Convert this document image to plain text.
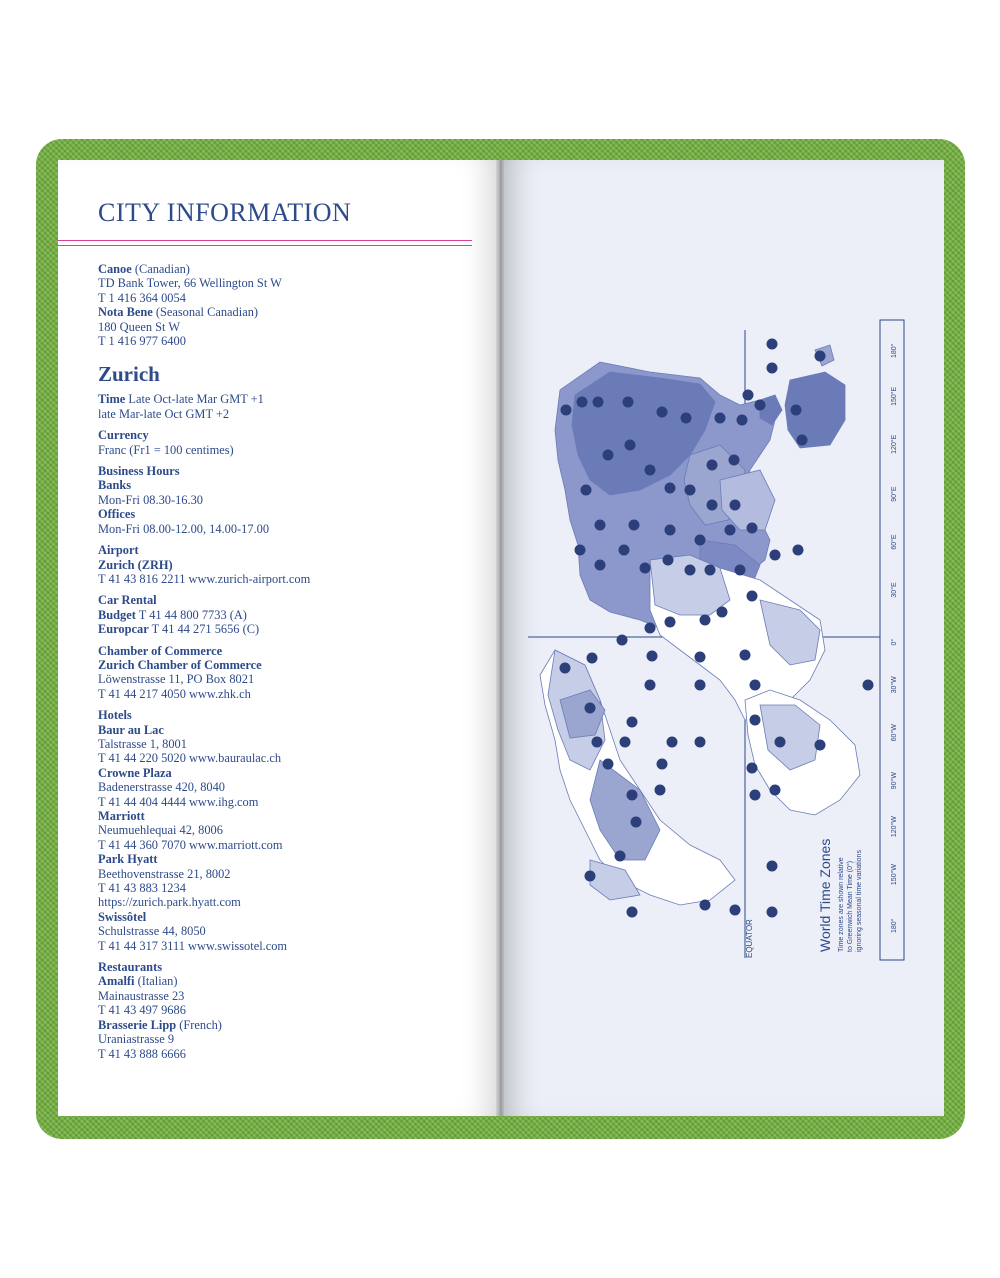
CITY INFORMATION
Canoe (Canadian)
TD Bank Tower, 66 Wellington St W
T 1 416 364 0054
Nota Bene (Seasonal Canadian)
180 Queen St W
T 1 416 977 6400
Zurich
Time Late Oct-late Mar GMT +1
late Mar-late Oct GMT +2
Currency
Franc (Fr1 = 100 centimes)
Business Hours
Banks
Mon-Fri 08.30-16.30
Offices
Mon-Fri 08.00-12.00, 14.00-17.00
Airport
Zurich (ZRH)
T 41 43 816 2211 www.zurich-airport.com
Car Rental
Budget T 41 44 800 7733 (A)
Europcar T 41 44 271 5656 (C)
Chamber of Commerce
Zurich Chamber of Commerce
Löwenstrasse 11, PO Box 8021
T 41 44 217 4050 www.zhk.ch
Hotels
Baur au Lac
Talstrasse 1, 8001
T 41 44 220 5020 www.bauraulac.ch
Crowne Plaza
Badenerstrasse 420, 8040
T 41 44 404 4444 www.ihg.com
Marriott
Neumuehlequai 42, 8006
T 41 44 360 7070 www.marriott.com
Park Hyatt
Beethovenstrasse 21, 8002
T 41 43 883 1234
https://zurich.park.hyatt.com
Swissôtel
Schulstrasse 44, 8050
T 41 44 317 3111 www.swissotel.com
Restaurants
Amalfi (Italian)
Mainaustrasse 23
T 41 43 497 9686
Brasserie Lipp (French)
Uraniastrasse 9
T 41 43 888 6666
180°
150°W
120°W
90°W
60°W
30°W
0°
30°E
60°E
90°E
120°E
150°E
180°
EQUATOR	World Time Zones Time zones are shown relative to Greenwich Mean Time (0°) ignoring seasonal time variations
